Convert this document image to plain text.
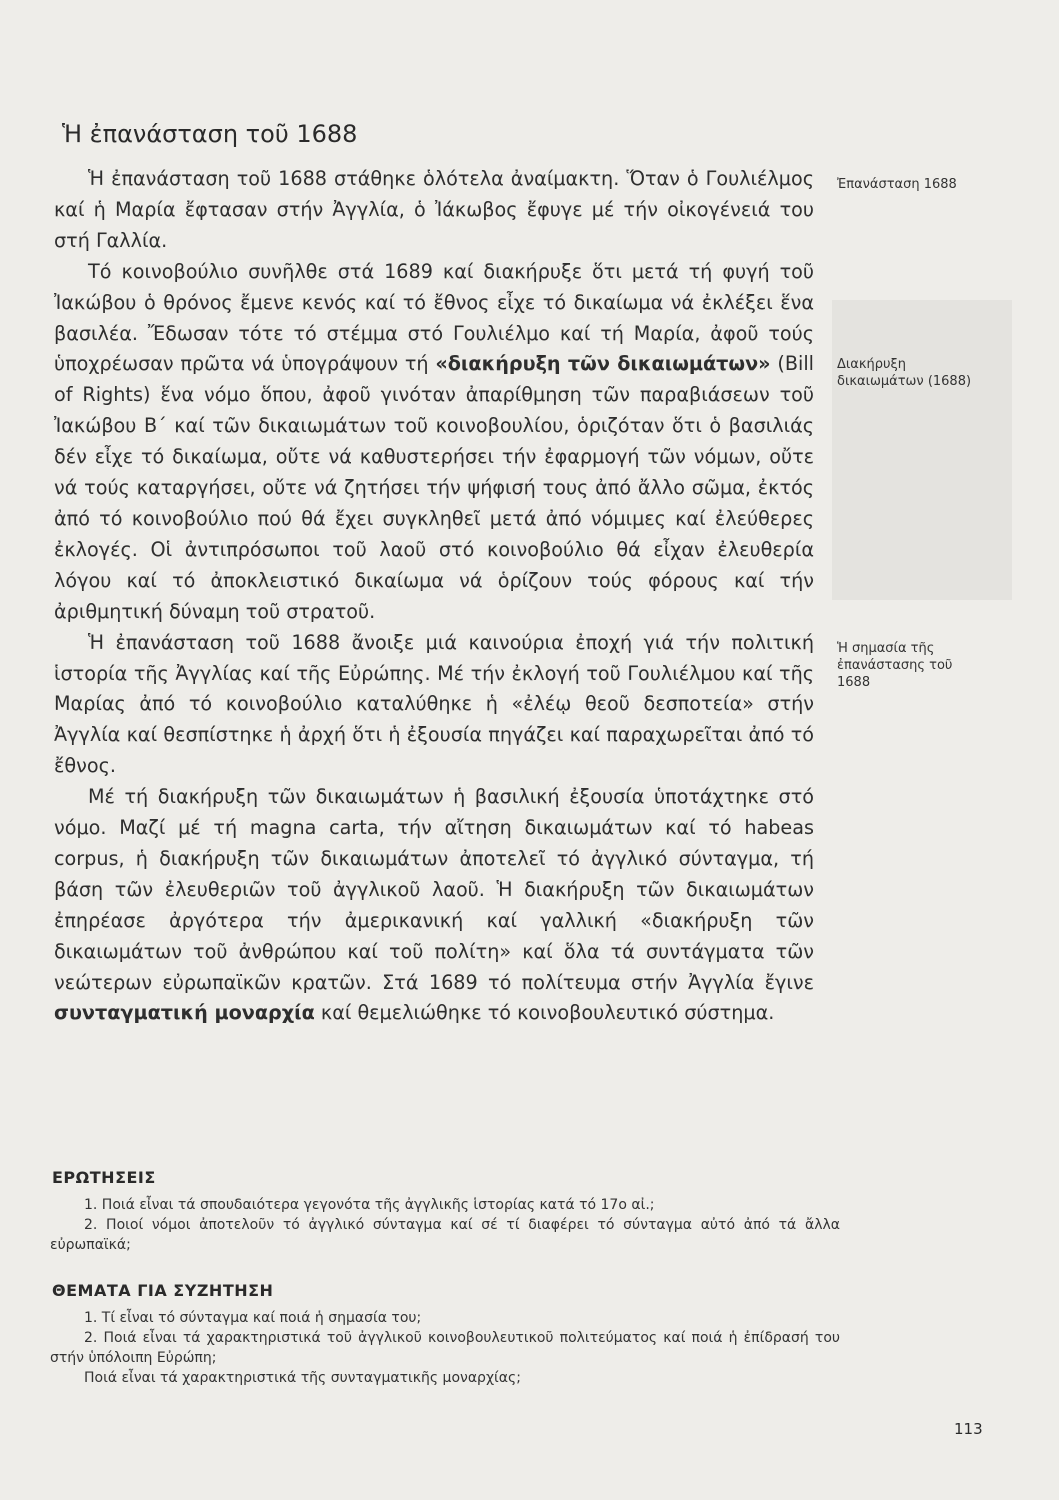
Ἡ ἐπανάσταση τοῦ 1688

Ἡ ἐπανάσταση τοῦ 1688 στάθηκε ὁλότελα ἀναίμακτη. Ὅταν ὁ Γουλιέλμος καί ἡ Μαρία ἔφτασαν στήν Ἀγγλία, ὁ Ἰάκωβος ἔφυγε μέ τήν οἰκογένειά του στή Γαλλία.

Τό κοινοβούλιο συνῆλθε στά 1689 καί διακήρυξε ὅτι μετά τή φυγή τοῦ Ἰακώβου ὁ θρόνος ἔμενε κενός καί τό ἔθνος εἶχε τό δικαίωμα νά ἐκλέξει ἕνα βασιλέα. Ἔδωσαν τότε τό στέμμα στό Γουλιέλμο καί τή Μαρία, ἀφοῦ τούς ὑποχρέωσαν πρῶτα νά ὑπογράψουν τή «διακήρυξη τῶν δικαιωμάτων» (Bill of Rights) ἕνα νόμο ὅπου, ἀφοῦ γινόταν ἀπαρίθμηση τῶν παραβιάσεων τοῦ Ἰακώβου Β΄ καί τῶν δικαιωμάτων τοῦ κοινοβουλίου, ὁριζόταν ὅτι ὁ βασιλιάς δέν εἶχε τό δικαίωμα, οὔτε νά καθυστερήσει τήν ἐφαρμογή τῶν νόμων, οὔτε νά τούς καταργήσει, οὔτε νά ζητήσει τήν ψήφισή τους ἀπό ἄλλο σῶμα, ἐκτός ἀπό τό κοινοβούλιο πού θά ἔχει συγκληθεῖ μετά ἀπό νόμιμες καί ἐλεύθερες ἐκλογές. Οἱ ἀντιπρόσωποι τοῦ λαοῦ στό κοινοβούλιο θά εἶχαν ἐλευθερία λόγου καί τό ἀποκλειστικό δικαίωμα νά ὁρίζουν τούς φόρους καί τήν ἀριθμητική δύναμη τοῦ στρατοῦ.

Ἡ ἐπανάσταση τοῦ 1688 ἄνοιξε μιά καινούρια ἐποχή γιά τήν πολιτική ἱστορία τῆς Ἀγγλίας καί τῆς Εὐρώπης. Μέ τήν ἐκλογή τοῦ Γουλιέλμου καί τῆς Μαρίας ἀπό τό κοινοβούλιο καταλύθηκε ἡ «ἐλέῳ θεοῦ δεσποτεία» στήν Ἀγγλία καί θεσπίστηκε ἡ ἀρχή ὅτι ἡ ἐξουσία πηγάζει καί παραχωρεῖται ἀπό τό ἔθνος.

Μέ τή διακήρυξη τῶν δικαιωμάτων ἡ βασιλική ἐξουσία ὑποτάχτηκε στό νόμο. Μαζί μέ τή magna carta, τήν αἴτηση δικαιωμάτων καί τό habeas corpus, ἡ διακήρυξη τῶν δικαιωμάτων ἀποτελεῖ τό ἀγγλικό σύνταγμα, τή βάση τῶν ἐλευθεριῶν τοῦ ἀγγλικοῦ λαοῦ. Ἡ διακήρυξη τῶν δικαιωμάτων ἐπηρέασε ἀργότερα τήν ἀμερικανική καί γαλλική «διακήρυξη τῶν δικαιωμάτων τοῦ ἀνθρώπου καί τοῦ πολίτη» καί ὅλα τά συντάγματα τῶν νεώτερων εὐρωπαϊκῶν κρατῶν. Στά 1689 τό πολίτευμα στήν Ἀγγλία ἔγινε συνταγματική μοναρχία καί θεμελιώθηκε τό κοινοβουλευτικό σύστημα.

Ἐπανάσταση 1688
Διακήρυξη
δικαιωμάτων (1688)
Ἡ σημασία τῆς
ἐπανάστασης τοῦ
1688
ΕΡΩΤΗΣΕΙΣ
1. Ποιά εἶναι τά σπουδαιότερα γεγονότα τῆς ἀγγλικῆς ἱστορίας κατά τό 17ο αἰ.;
2. Ποιοί νόμοι ἀποτελοῦν τό ἀγγλικό σύνταγμα καί σέ τί διαφέρει τό σύνταγμα αὐτό ἀπό τά ἄλλα εὐρωπαϊκά;
ΘΕΜΑΤΑ ΓΙΑ ΣΥΖΗΤΗΣΗ
1. Τί εἶναι τό σύνταγμα καί ποιά ἡ σημασία του;
2. Ποιά εἶναι τά χαρακτηριστικά τοῦ ἀγγλικοῦ κοινοβουλευτικοῦ πολιτεύματος καί ποιά ἡ ἐπίδρασή του στήν ὑπόλοιπη Εὐρώπη;
Ποιά εἶναι τά χαρακτηριστικά τῆς συνταγματικῆς μοναρχίας;
113
